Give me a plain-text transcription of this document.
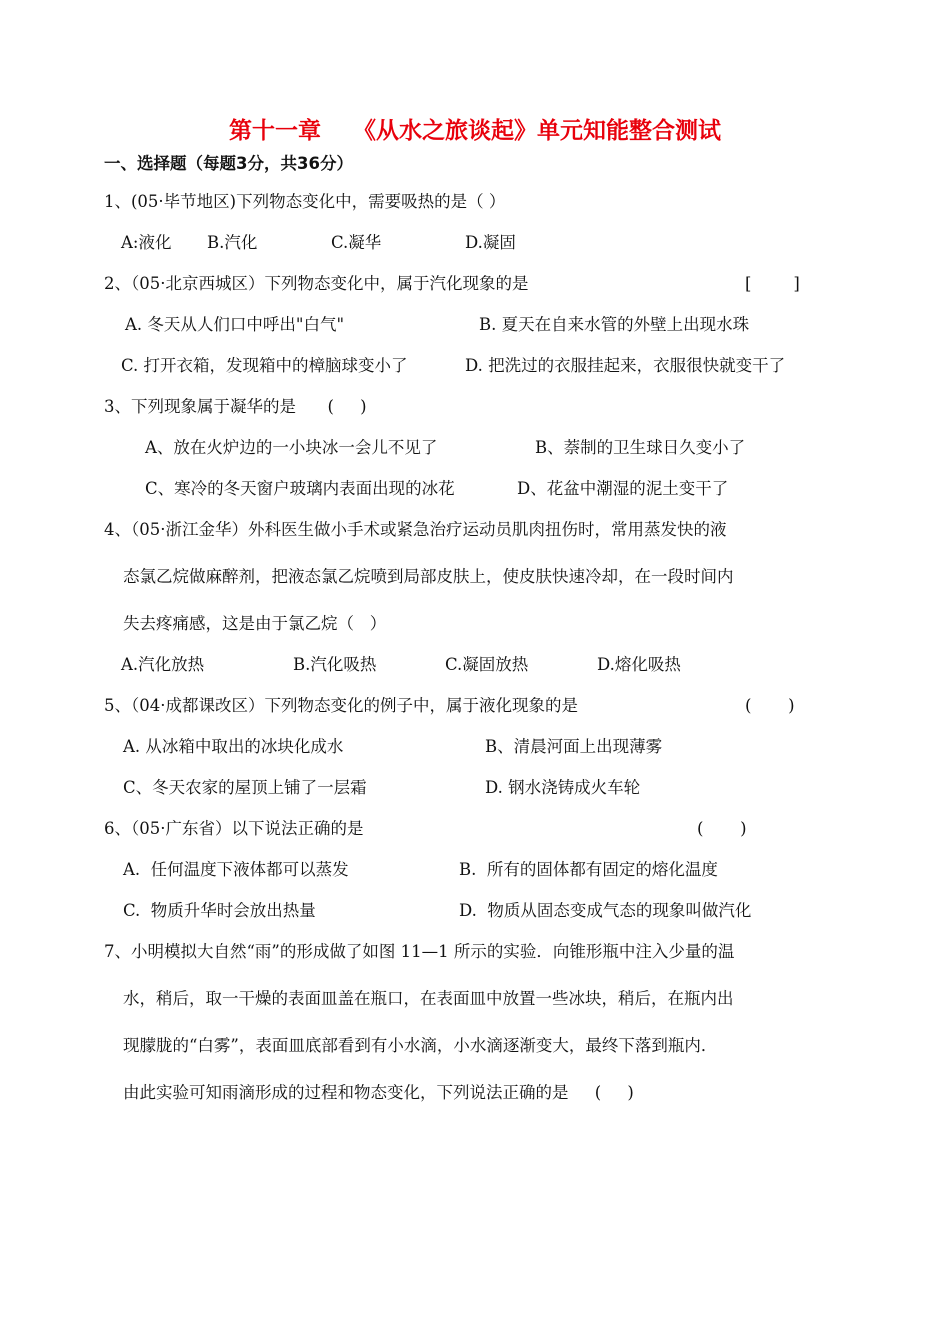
第十一章    《从水之旅谈起》单元知能整合测试
一、选择题（每题3分，共36分）
1、(05·毕节地区)下列物态变化中，需要吸热的是（ ）
A:液化 B.汽化	C.凝华	D.凝固
2、（05·北京西城区）下列物态变化中，属于汽化现象的是	[        ]
A. 冬天从人们口中呼出"白气"	B. 夏天在自来水管的外壁上出现水珠
C. 打开衣箱，发现箱中的樟脑球变小了	D. 把洗过的衣服挂起来，衣服很快就变干了
3、下列现象属于凝华的是      (     )
A、放在火炉边的一小块冰一会儿不见了	B、萘制的卫生球日久变小了
C、寒冷的冬天窗户玻璃内表面出现的冰花	D、花盆中潮湿的泥土变干了
4、（05·浙江金华）外科医生做小手术或紧急治疗运动员肌肉扭伤时，常用蒸发快的液
态氯乙烷做麻醉剂，把液态氯乙烷喷到局部皮肤上，使皮肤快速冷却，在一段时间内
失去疼痛感，这是由于氯乙烷（   ）
A.汽化放热	B.汽化吸热	C.凝固放热	D.熔化吸热
5、（04·成都课改区）下列物态变化的例子中，属于液化现象的是	(       )
A. 从冰箱中取出的冰块化成水	B、清晨河面上出现薄雾
C、冬天农家的屋顶上铺了一层霜	D. 钢水浇铸成火车轮
6、（05·广东省）以下说法正确的是	(       )
A.  任何温度下液体都可以蒸发	B.  所有的固体都有固定的熔化温度
C.  物质升华时会放出热量	D.  物质从固态变成气态的现象叫做汽化
7、小明模拟大自然“雨”的形成做了如图 11—1 所示的实验．向锥形瓶中注入少量的温
水，稍后，取一干燥的表面皿盖在瓶口，在表面皿中放置一些冰块，稍后，在瓶内出
现朦胧的“白雾”，表面皿底部看到有小水滴，小水滴逐渐变大，最终下落到瓶内．
由此实验可知雨滴形成的过程和物态变化，下列说法正确的是     (     )
